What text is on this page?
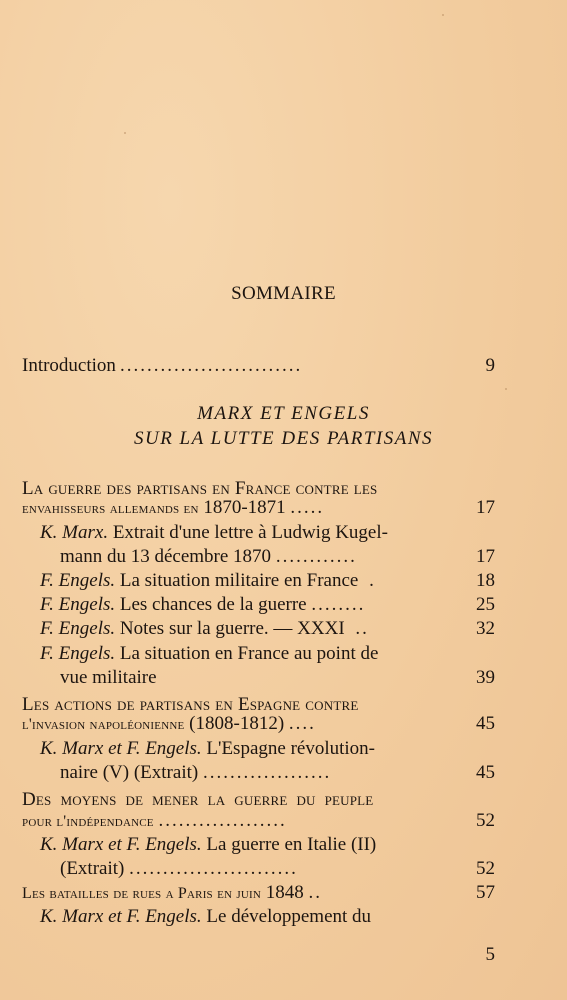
SOMMAIRE
Introduction ...........................	9
MARX ET ENGELS
SUR LA LUTTE DES PARTISANS
La guerre des partisans en France contre les
envahisseurs allemands en 1870-1871 .....	17
K. Marx. Extrait d'une lettre à Ludwig Kugel-
mann du 13 décembre 1870 ............	17
F. Engels. La situation militaire en France .	18
F. Engels. Les chances de la guerre ........	25
F. Engels. Notes sur la guerre. — XXXI ..	32
F. Engels. La situation en France au point de
vue militaire	39
Les actions de partisans en Espagne contre
l'invasion napoléonienne (1808-1812) ....	45
K. Marx et F. Engels. L'Espagne révolution-
naire (V) (Extrait) ...................	45
Des moyens de mener la guerre du peuple
pour l'indépendance ...................	52
K. Marx et F. Engels. La guerre en Italie (II)
(Extrait) .........................	52
Les batailles de rues a Paris en juin 1848 ..	57
K. Marx et F. Engels. Le développement du
5
